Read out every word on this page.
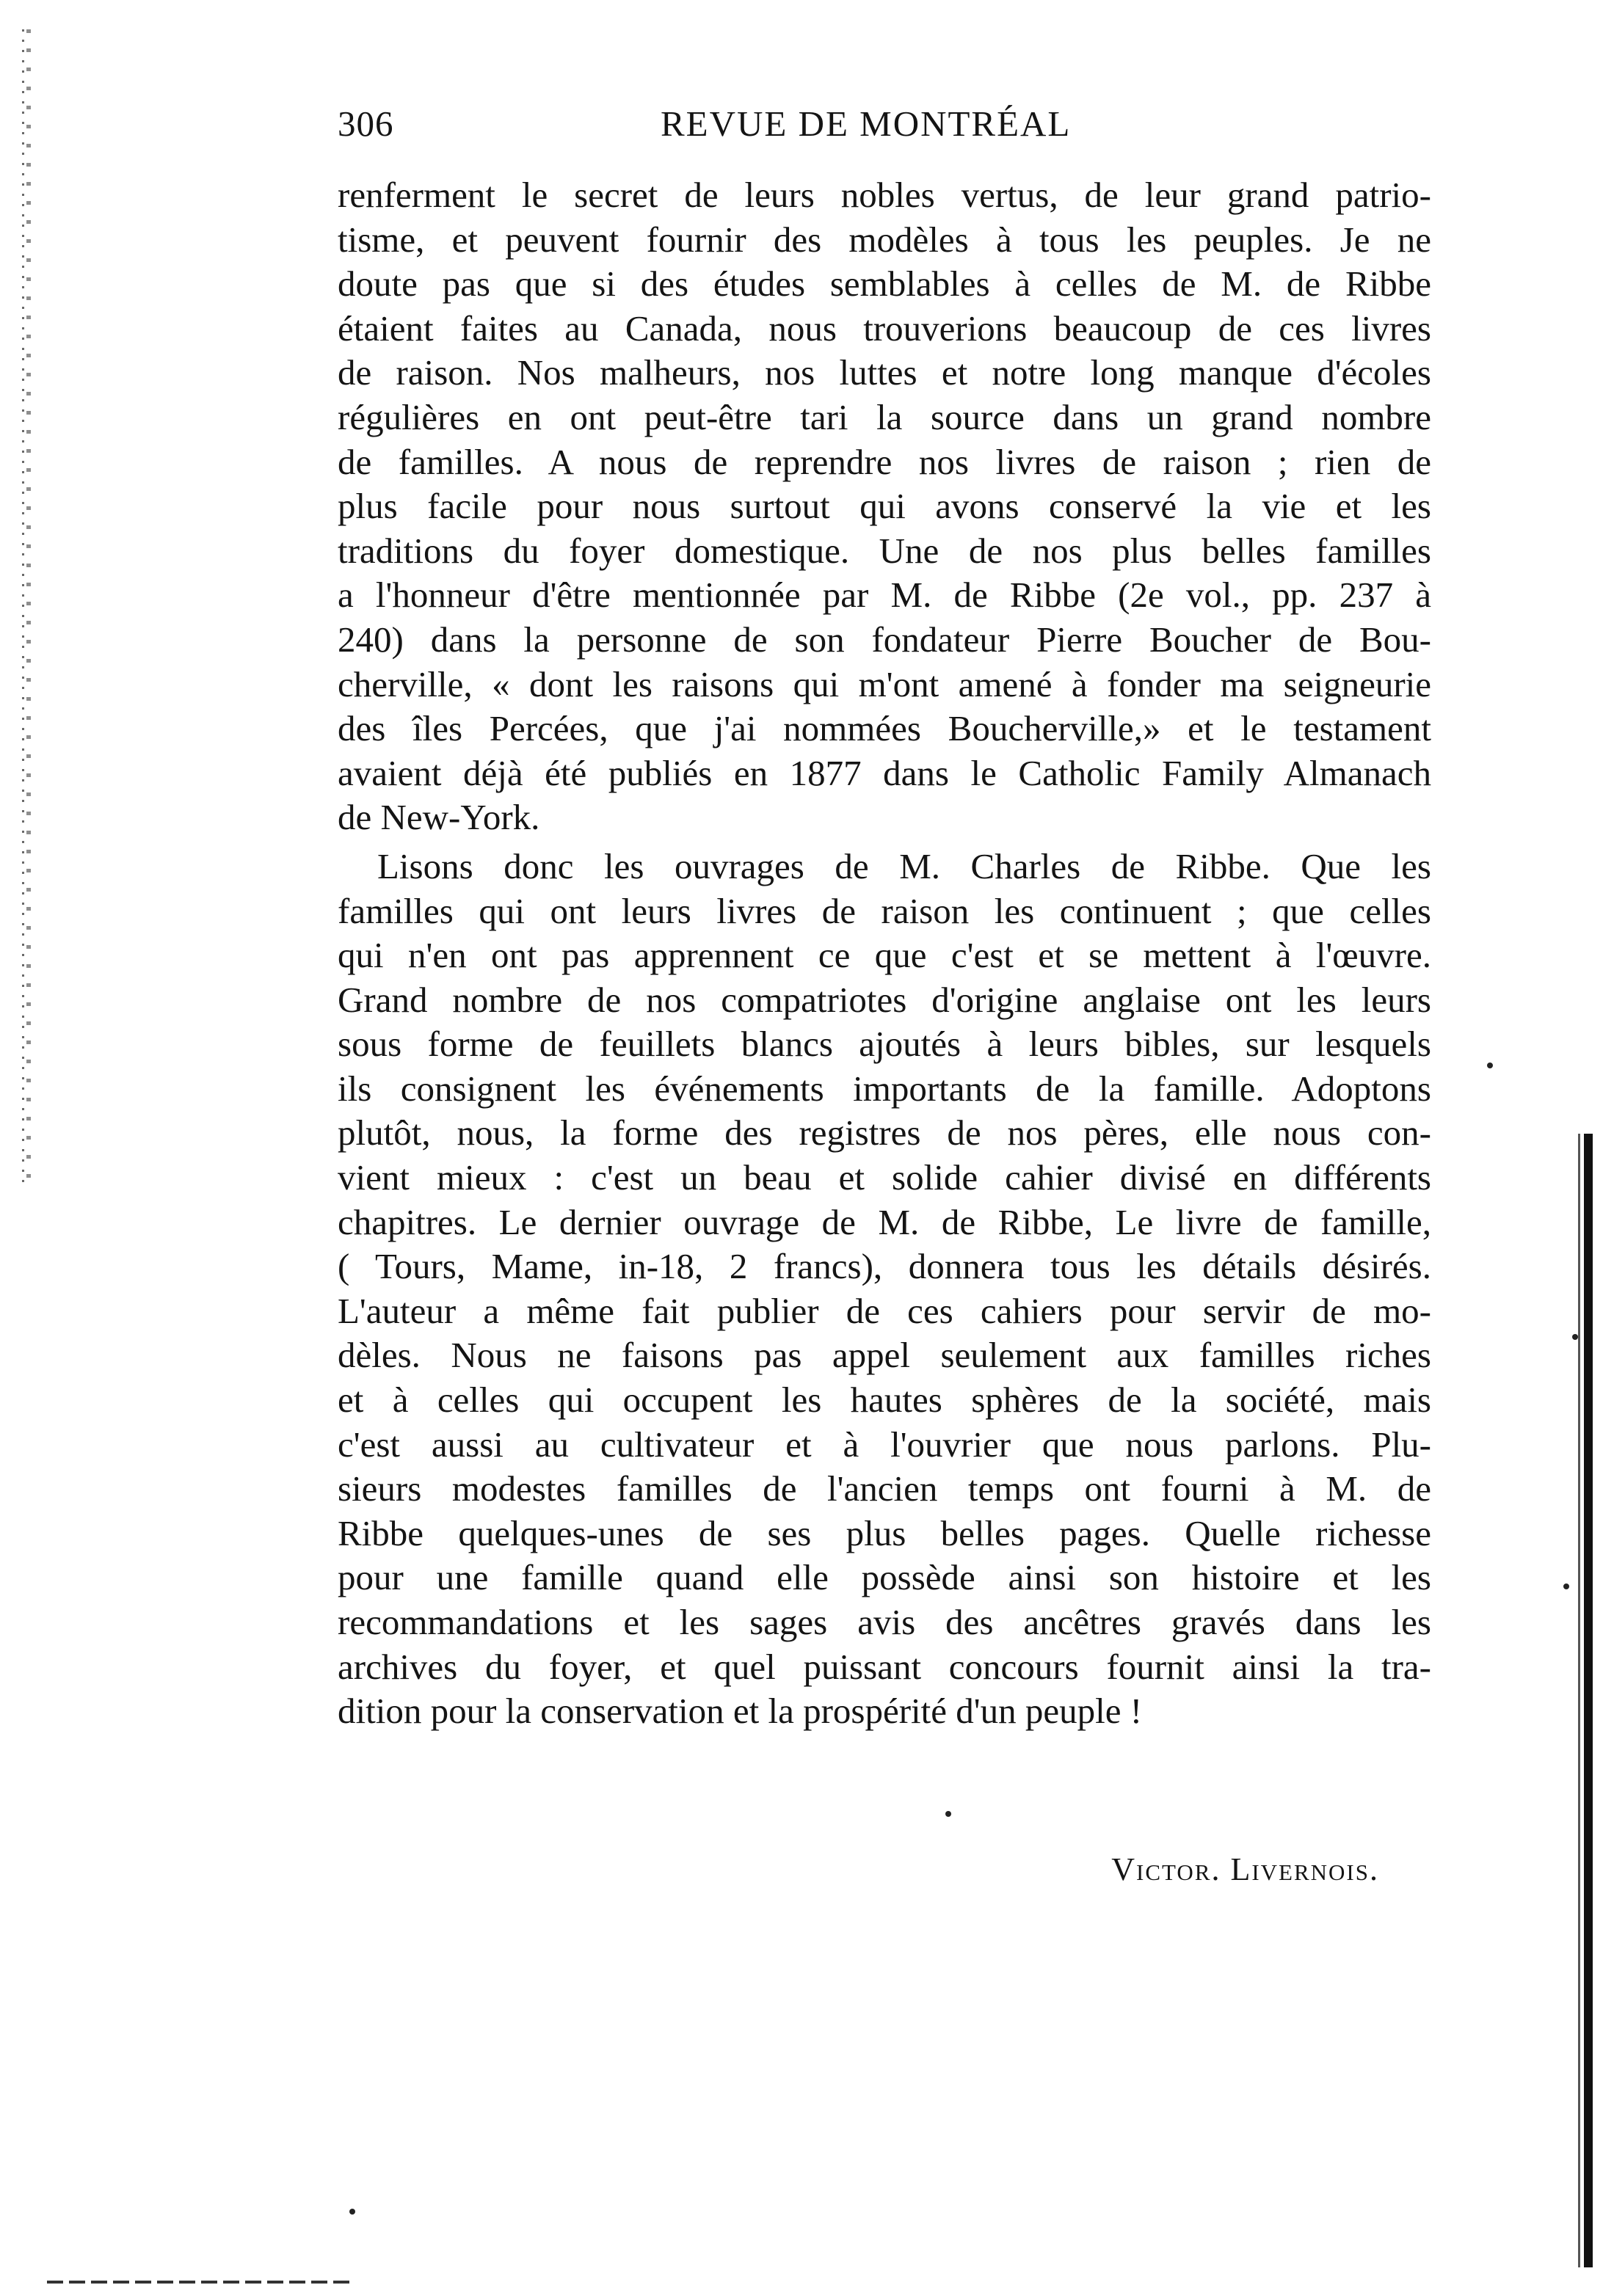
306	REVUE DE MONTRÉAL
renferment le secret de leurs nobles vertus, de leur grand patrio-
tisme, et peuvent fournir des modèles à tous les peuples. Je ne
doute pas que si des études semblables à celles de M. de Ribbe
étaient faites au Canada, nous trouverions beaucoup de ces livres
de raison. Nos malheurs, nos luttes et notre long manque d'écoles
régulières en ont peut-être tari la source dans un grand nombre
de familles. A nous de reprendre nos livres de raison ; rien de
plus facile pour nous surtout qui avons conservé la vie et les
traditions du foyer domestique. Une de nos plus belles familles
a l'honneur d'être mentionnée par M. de Ribbe (2e vol., pp. 237 à
240) dans la personne de son fondateur Pierre Boucher de Bou-
cherville, « dont les raisons qui m'ont amené à fonder ma seigneurie
des îles Percées, que j'ai nommées Boucherville,» et le testament
avaient déjà été publiés en 1877 dans le Catholic Family Almanach
de New-York.
Lisons donc les ouvrages de M. Charles de Ribbe. Que les
familles qui ont leurs livres de raison les continuent ; que celles
qui n'en ont pas apprennent ce que c'est et se mettent à l'œuvre.
Grand nombre de nos compatriotes d'origine anglaise ont les leurs
sous forme de feuillets blancs ajoutés à leurs bibles, sur lesquels
ils consignent les événements importants de la famille. Adoptons
plutôt, nous, la forme des registres de nos pères, elle nous con-
vient mieux : c'est un beau et solide cahier divisé en différents
chapitres. Le dernier ouvrage de M. de Ribbe, Le livre de famille,
( Tours, Mame, in-18, 2 francs), donnera tous les détails désirés.
L'auteur a même fait publier de ces cahiers pour servir de mo-
dèles. Nous ne faisons pas appel seulement aux familles riches
et à celles qui occupent les hautes sphères de la société, mais
c'est aussi au cultivateur et à l'ouvrier que nous parlons. Plu-
sieurs modestes familles de l'ancien temps ont fourni à M. de
Ribbe quelques-unes de ses plus belles pages. Quelle richesse
pour une famille quand elle possède ainsi son histoire et les
recommandations et les sages avis des ancêtres gravés dans les
archives du foyer, et quel puissant concours fournit ainsi la tra-
dition pour la conservation et la prospérité d'un peuple !
Victor. Livernois.
